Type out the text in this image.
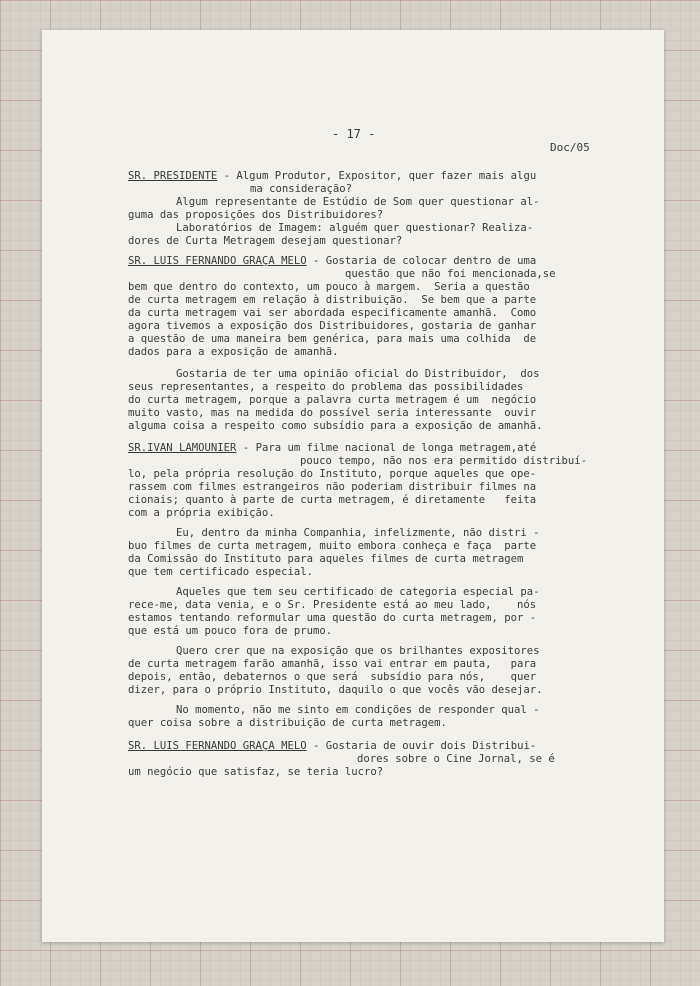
- 17 -
Doc/05
SR. PRESIDENTE - Algum Produtor, Expositor, quer fazer mais algu
ma consideração?
Algum representante de Estúdio de Som quer questionar al-
guma das proposições dos Distribuidores?
Laboratórios de Imagem: alguém quer questionar? Realiza-
dores de Curta Metragem desejam questionar?
SR. LUIS FERNANDO GRAÇA MELO - Gostaria de colocar dentro de uma
questão que não foi mencionada,se
bem que dentro do contexto, um pouco à margem.  Seria a questão
de curta metragem em relação à distribuição.  Se bem que a parte
da curta metragem vai ser abordada especificamente amanhã.  Como
agora tivemos a exposição dos Distribuidores, gostaria de ganhar
a questão de uma maneira bem genérica, para mais uma colhida  de
dados para a exposição de amanhã.
Gostaria de ter uma opinião oficial do Distribuidor,  dos
seus representantes, a respeito do problema das possibilidades
do curta metragem, porque a palavra curta metragem é um  negócio
muito vasto, mas na medida do possível seria interessante  ouvir
alguma coisa a respeito como subsídio para a exposição de amanhã.
SR.IVAN LAMOUNIER - Para um filme nacional de longa metragem,até
pouco tempo, não nos era permitido distribuí-
lo, pela própria resolução do Instituto, porque aqueles que ope-
rassem com filmes estrangeiros não poderiam distribuir filmes na
cionais; quanto à parte de curta metragem, é diretamente   feita
com a própria exibição.
Eu, dentro da minha Companhia, infelizmente, não distri -
buo filmes de curta metragem, muito embora conheça e faça  parte
da Comissão do Instituto para aqueles filmes de curta metragem
que tem certificado especial.
Aqueles que tem seu certificado de categoria especial pa-
rece-me, data venia, e o Sr. Presidente está ao meu lado,    nós
estamos tentando reformular uma questão do curta metragem, por -
que está um pouco fora de prumo.
Quero crer que na exposição que os brilhantes expositores
de curta metragem farão amanhã, isso vai entrar em pauta,   para
depois, então, debaternos o que será  subsídio para nós,    quer
dizer, para o próprio Instituto, daquilo o que vocês vão desejar.
No momento, não me sinto em condições de responder qual -
quer coisa sobre a distribuição de curta metragem.
SR. LUIS FERNANDO GRAÇA MELO - Gostaria de ouvir dois Distribui-
dores sobre o Cine Jornal, se é
um negócio que satisfaz, se teria lucro?
